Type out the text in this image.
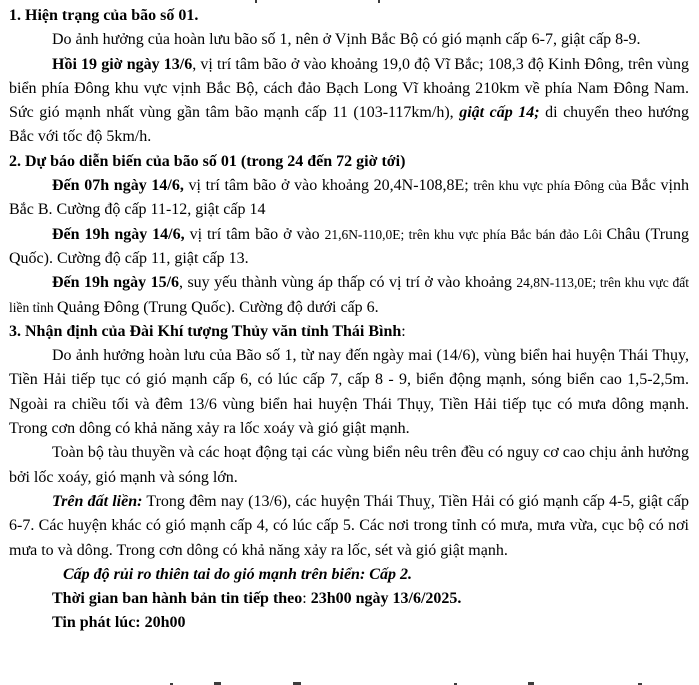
1. Hiện trạng của bão số 01.

Do ảnh hưởng của hoàn lưu bão số 1, nên ở Vịnh Bắc Bộ có gió mạnh cấp 6-7, giật cấp 8-9.

Hồi 19 giờ ngày 13/6, vị trí tâm bão ở vào khoảng 19,0 độ Vĩ Bắc; 108,3 độ Kinh Đông, trên vùng biển phía Đông khu vực vịnh Bắc Bộ, cách đảo Bạch Long Vĩ khoảng 210km về phía Nam Đông Nam. Sức gió mạnh nhất vùng gần tâm bão mạnh cấp 11 (103-117km/h), giật cấp 14; di chuyển theo hướng Bắc với tốc độ 5km/h.

2. Dự báo diễn biến của bão số 01 (trong 24 đến 72 giờ tới)

Đến 07h ngày 14/6, vị trí tâm bão ở vào khoảng 20,4N-108,8E; trên khu vực phía Đông của Bắc vịnh Bắc B. Cường độ cấp 11-12, giật cấp 14

Đến 19h ngày 14/6, vị trí tâm bão ở vào 21,6N-110,0E; trên khu vực phía Bắc bán đảo Lôi Châu (Trung Quốc). Cường độ cấp 11, giật cấp 13.

Đến 19h ngày 15/6, suy yếu thành vùng áp thấp có vị trí ở vào khoảng 24,8N-113,0E; trên khu vực đất liền tỉnh Quảng Đông (Trung Quốc). Cường độ dưới cấp 6.

3. Nhận định của Đài Khí tượng Thủy văn tỉnh Thái Bình:

Do ảnh hưởng hoàn lưu của Bão số 1, từ nay đến ngày mai (14/6), vùng biển hai huyện Thái Thụy, Tiền Hải tiếp tục có gió mạnh cấp 6, có lúc cấp 7, cấp 8 - 9, biển động mạnh, sóng biển cao 1,5-2,5m. Ngoài ra chiều tối và đêm 13/6 vùng biển hai huyện Thái Thụy, Tiền Hải tiếp tục có mưa dông mạnh. Trong cơn dông có khả năng xảy ra lốc xoáy và gió giật mạnh.

Toàn bộ tàu thuyền và các hoạt động tại các vùng biển nêu trên đều có nguy cơ cao chịu ảnh hưởng bởi lốc xoáy, gió mạnh và sóng lớn.

Trên đất liền: Trong đêm nay (13/6), các huyện Thái Thuỵ, Tiền Hải có gió mạnh cấp 4-5, giật cấp 6-7. Các huyện khác có gió mạnh cấp 4, có lúc cấp 5. Các nơi trong tỉnh có mưa, mưa vừa, cục bộ có nơi mưa to và dông. Trong cơn dông có khả năng xảy ra lốc, sét và gió giật mạnh.

Cấp độ rủi ro thiên tai do gió mạnh trên biển: Cấp 2.

Thời gian ban hành bản tin tiếp theo: 23h00 ngày 13/6/2025.

Tin phát lúc: 20h00
